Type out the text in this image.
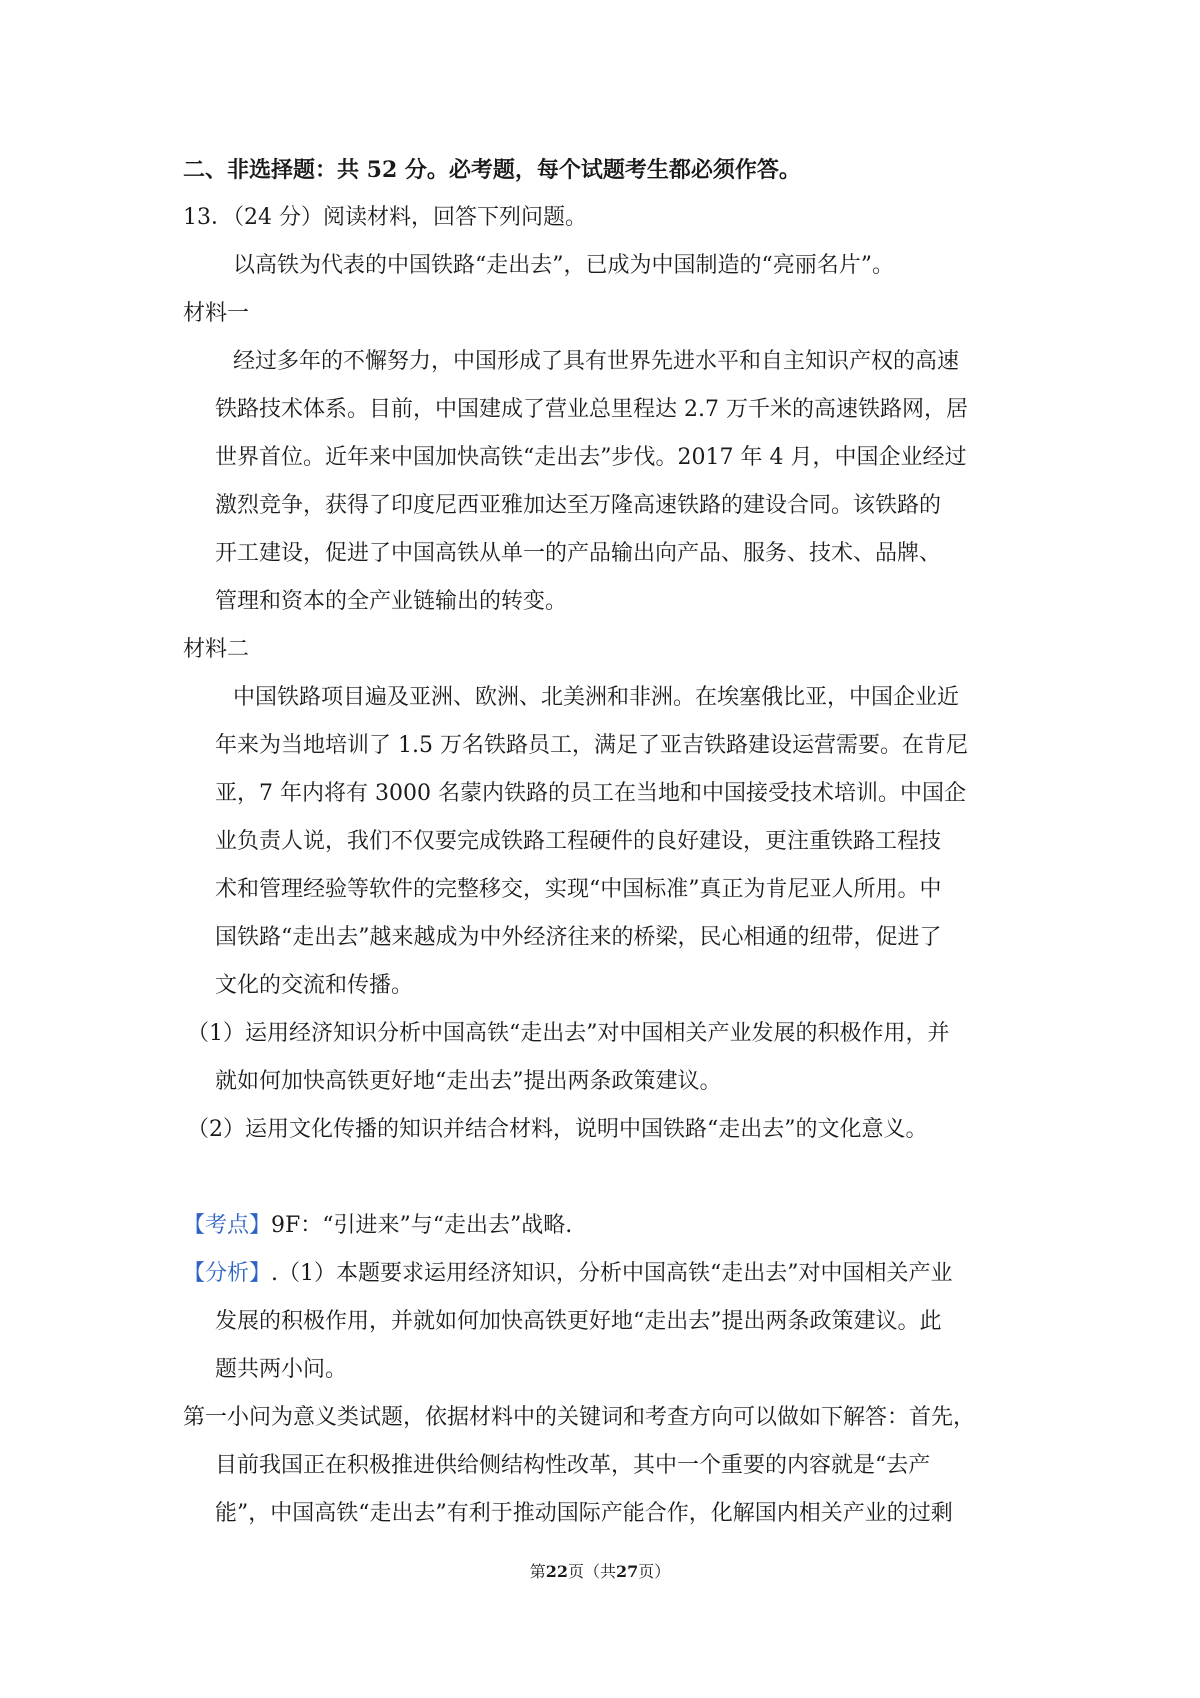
二、非选择题：共 52 分。必考题，每个试题考生都必须作答。
13．（24 分）阅读材料，回答下列问题。
以高铁为代表的中国铁路“走出去”，已成为中国制造的“亮丽名片”。
材料一
经过多年的不懈努力，中国形成了具有世界先进水平和自主知识产权的高速
铁路技术体系。目前，中国建成了营业总里程达 2.7 万千米的高速铁路网，居
世界首位。近年来中国加快高铁“走出去”步伐。2017 年 4 月，中国企业经过
激烈竞争，获得了印度尼西亚雅加达至万隆高速铁路的建设合同。该铁路的
开工建设，促进了中国高铁从单一的产品输出向产品、服务、技术、品牌、
管理和资本的全产业链输出的转变。
材料二
中国铁路项目遍及亚洲、欧洲、北美洲和非洲。在埃塞俄比亚，中国企业近
年来为当地培训了 1.5 万名铁路员工，满足了亚吉铁路建设运营需要。在肯尼
亚，7 年内将有 3000 名蒙内铁路的员工在当地和中国接受技术培训。中国企
业负责人说，我们不仅要完成铁路工程硬件的良好建设，更注重铁路工程技
术和管理经验等软件的完整移交，实现“中国标准”真正为肯尼亚人所用。中
国铁路“走出去”越来越成为中外经济往来的桥梁，民心相通的纽带，促进了
文化的交流和传播。
（1）运用经济知识分析中国高铁“走出去”对中国相关产业发展的积极作用，并
就如何加快高铁更好地“走出去”提出两条政策建议。
（2）运用文化传播的知识并结合材料，说明中国铁路“走出去”的文化意义。
【考点】9F：“引进来”与“走出去”战略.
【分析】.（1）本题要求运用经济知识，分析中国高铁“走出去”对中国相关产业
发展的积极作用，并就如何加快高铁更好地“走出去”提出两条政策建议。此
题共两小问。
第一小问为意义类试题，依据材料中的关键词和考查方向可以做如下解答：首先，
目前我国正在积极推进供给侧结构性改革，其中一个重要的内容就是“去产
能”，中国高铁“走出去”有利于推动国际产能合作，化解国内相关产业的过剩
第22页（共27页）
